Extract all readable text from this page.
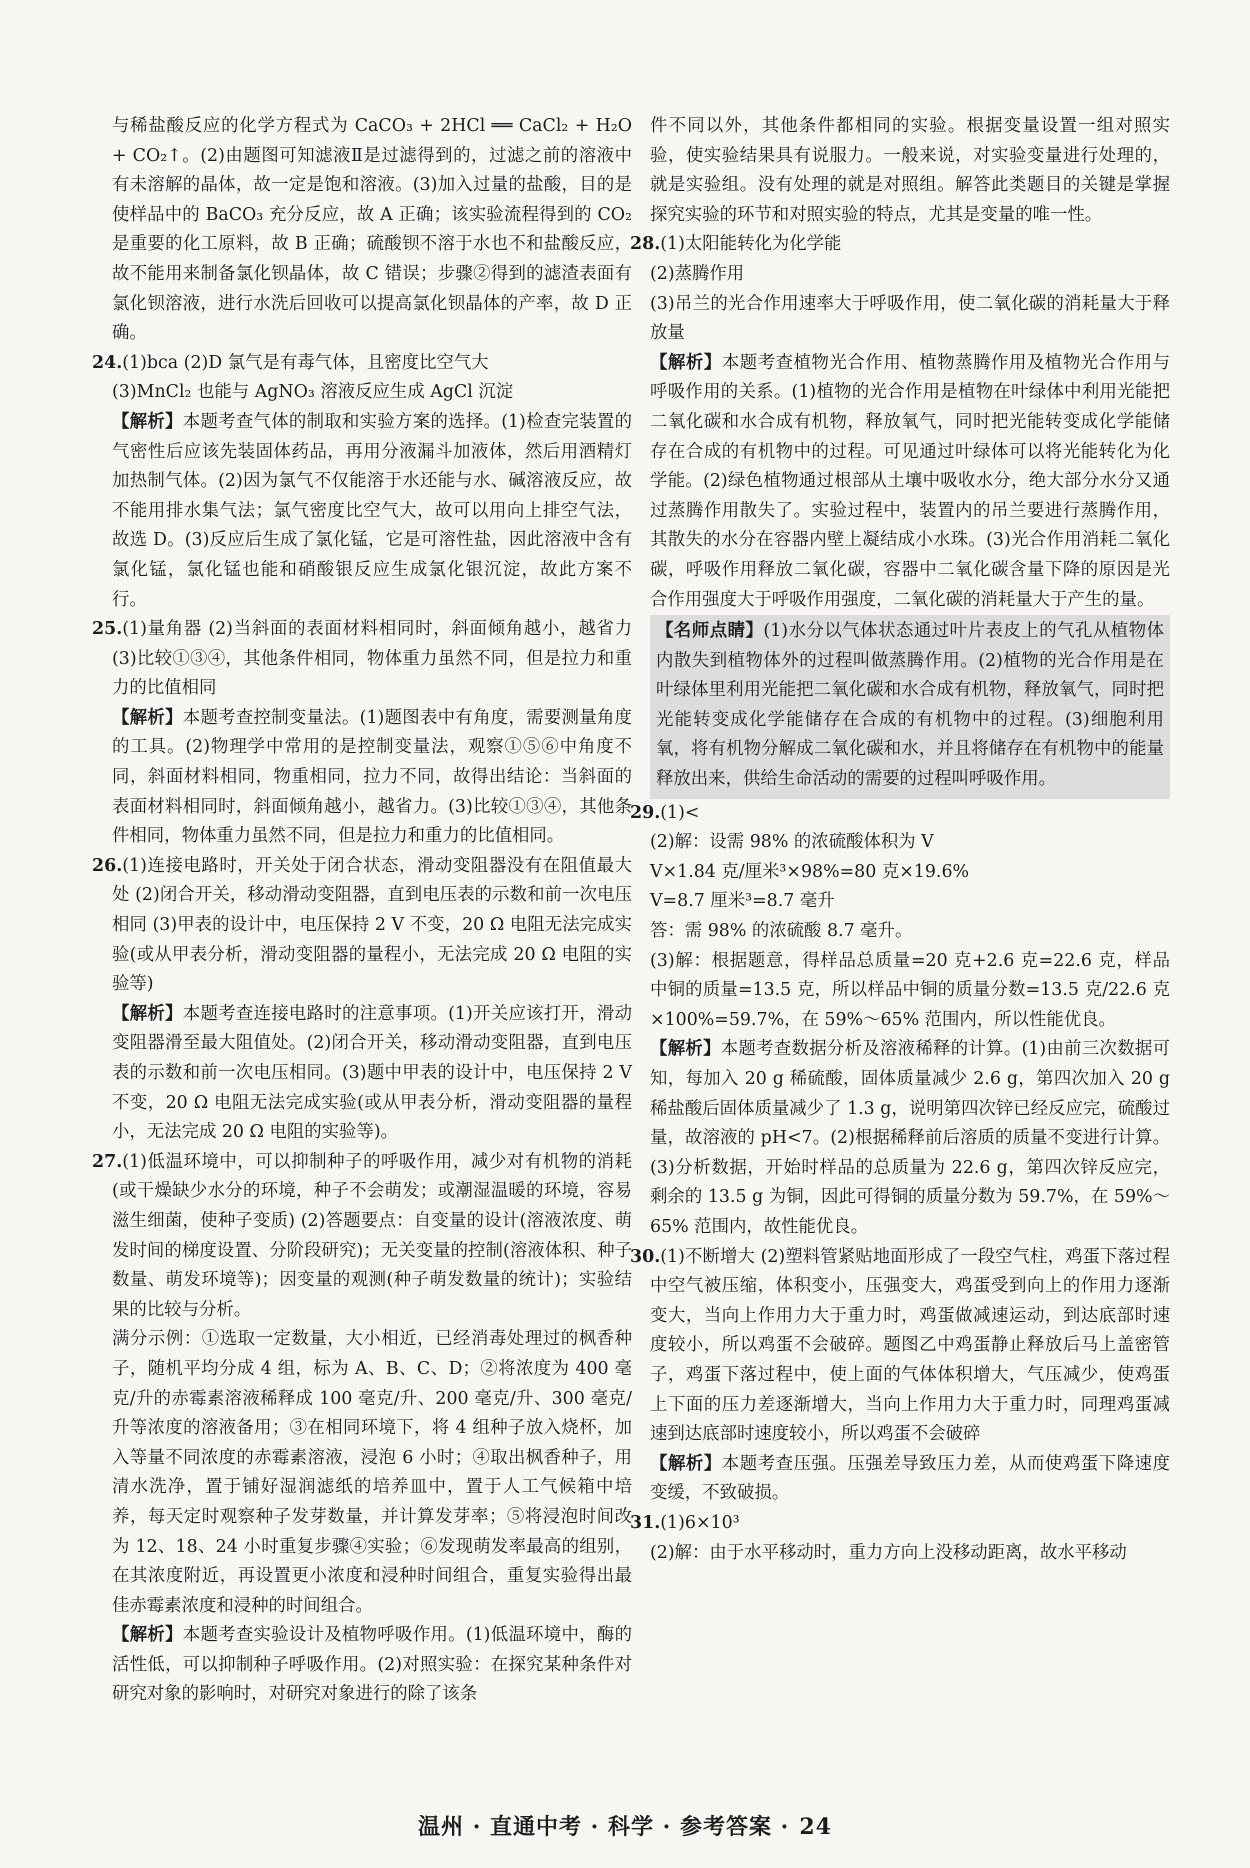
与稀盐酸反应的化学方程式为 CaCO₃ + 2HCl ══ CaCl₂ + H₂O + CO₂↑。(2)由题图可知滤液Ⅱ是过滤得到的，过滤之前的溶液中有未溶解的晶体，故一定是饱和溶液。(3)加入过量的盐酸，目的是使样品中的 BaCO₃ 充分反应，故 A 正确；该实验流程得到的 CO₂ 是重要的化工原料，故 B 正确；硫酸钡不溶于水也不和盐酸反应，故不能用来制备氯化钡晶体，故 C 错误；步骤②得到的滤渣表面有氯化钡溶液，进行水洗后回收可以提高氯化钡晶体的产率，故 D 正确。

24.(1)bca (2)D 氯气是有毒气体，且密度比空气大

(3)MnCl₂ 也能与 AgNO₃ 溶液反应生成 AgCl 沉淀

【解析】本题考查气体的制取和实验方案的选择。(1)检查完装置的气密性后应该先装固体药品，再用分液漏斗加液体，然后用酒精灯加热制气体。(2)因为氯气不仅能溶于水还能与水、碱溶液反应，故不能用排水集气法；氯气密度比空气大，故可以用向上排空气法，故选 D。(3)反应后生成了氯化锰，它是可溶性盐，因此溶液中含有氯化锰，氯化锰也能和硝酸银反应生成氯化银沉淀，故此方案不行。

25.(1)量角器 (2)当斜面的表面材料相同时，斜面倾角越小，越省力 (3)比较①③④，其他条件相同，物体重力虽然不同，但是拉力和重力的比值相同

【解析】本题考查控制变量法。(1)题图表中有角度，需要测量角度的工具。(2)物理学中常用的是控制变量法，观察①⑤⑥中角度不同，斜面材料相同，物重相同，拉力不同，故得出结论：当斜面的表面材料相同时，斜面倾角越小，越省力。(3)比较①③④，其他条件相同，物体重力虽然不同，但是拉力和重力的比值相同。

26.(1)连接电路时，开关处于闭合状态，滑动变阻器没有在阻值最大处 (2)闭合开关，移动滑动变阻器，直到电压表的示数和前一次电压相同 (3)甲表的设计中，电压保持 2 V 不变，20 Ω 电阻无法完成实验(或从甲表分析，滑动变阻器的量程小，无法完成 20 Ω 电阻的实验等)

【解析】本题考查连接电路时的注意事项。(1)开关应该打开，滑动变阻器滑至最大阻值处。(2)闭合开关，移动滑动变阻器，直到电压表的示数和前一次电压相同。(3)题中甲表的设计中，电压保持 2 V 不变，20 Ω 电阻无法完成实验(或从甲表分析，滑动变阻器的量程小，无法完成 20 Ω 电阻的实验等)。

27.(1)低温环境中，可以抑制种子的呼吸作用，减少对有机物的消耗(或干燥缺少水分的环境，种子不会萌发；或潮湿温暖的环境，容易滋生细菌，使种子变质) (2)答题要点：自变量的设计(溶液浓度、萌发时间的梯度设置、分阶段研究)；无关变量的控制(溶液体积、种子数量、萌发环境等)；因变量的观测(种子萌发数量的统计)；实验结果的比较与分析。

满分示例：①选取一定数量，大小相近，已经消毒处理过的枫香种子，随机平均分成 4 组，标为 A、B、C、D；②将浓度为 400 毫克/升的赤霉素溶液稀释成 100 毫克/升、200 毫克/升、300 毫克/升等浓度的溶液备用；③在相同环境下，将 4 组种子放入烧杯，加入等量不同浓度的赤霉素溶液，浸泡 6 小时；④取出枫香种子，用清水洗净，置于铺好湿润滤纸的培养皿中，置于人工气候箱中培养，每天定时观察种子发芽数量，并计算发芽率；⑤将浸泡时间改为 12、18、24 小时重复步骤④实验；⑥发现萌发率最高的组别，在其浓度附近，再设置更小浓度和浸种时间组合，重复实验得出最佳赤霉素浓度和浸种的时间组合。

【解析】本题考查实验设计及植物呼吸作用。(1)低温环境中，酶的活性低，可以抑制种子呼吸作用。(2)对照实验：在探究某种条件对研究对象的影响时，对研究对象进行的除了该条

件不同以外，其他条件都相同的实验。根据变量设置一组对照实验，使实验结果具有说服力。一般来说，对实验变量进行处理的，就是实验组。没有处理的就是对照组。解答此类题目的关键是掌握探究实验的环节和对照实验的特点，尤其是变量的唯一性。

28.(1)太阳能转化为化学能

(2)蒸腾作用

(3)吊兰的光合作用速率大于呼吸作用，使二氧化碳的消耗量大于释放量

【解析】本题考查植物光合作用、植物蒸腾作用及植物光合作用与呼吸作用的关系。(1)植物的光合作用是植物在叶绿体中利用光能把二氧化碳和水合成有机物，释放氧气，同时把光能转变成化学能储存在合成的有机物中的过程。可见通过叶绿体可以将光能转化为化学能。(2)绿色植物通过根部从土壤中吸收水分，绝大部分水分又通过蒸腾作用散失了。实验过程中，装置内的吊兰要进行蒸腾作用，其散失的水分在容器内壁上凝结成小水珠。(3)光合作用消耗二氧化碳，呼吸作用释放二氧化碳，容器中二氧化碳含量下降的原因是光合作用强度大于呼吸作用强度，二氧化碳的消耗量大于产生的量。

【名师点睛】(1)水分以气体状态通过叶片表皮上的气孔从植物体内散失到植物体外的过程叫做蒸腾作用。(2)植物的光合作用是在叶绿体里利用光能把二氧化碳和水合成有机物，释放氧气，同时把光能转变成化学能储存在合成的有机物中的过程。(3)细胞利用氧，将有机物分解成二氧化碳和水，并且将储存在有机物中的能量释放出来，供给生命活动的需要的过程叫呼吸作用。

29.(1)<

(2)解：设需 98% 的浓硫酸体积为 V

V×1.84 克/厘米³×98%=80 克×19.6%

V=8.7 厘米³=8.7 毫升

答：需 98% 的浓硫酸 8.7 毫升。

(3)解：根据题意，得样品总质量=20 克+2.6 克=22.6 克，样品中铜的质量=13.5 克，所以样品中铜的质量分数=13.5 克/22.6 克×100%=59.7%，在 59%～65% 范围内，所以性能优良。

【解析】本题考查数据分析及溶液稀释的计算。(1)由前三次数据可知，每加入 20 g 稀硫酸，固体质量减少 2.6 g，第四次加入 20 g 稀盐酸后固体质量减少了 1.3 g，说明第四次锌已经反应完，硫酸过量，故溶液的 pH<7。(2)根据稀释前后溶质的质量不变进行计算。(3)分析数据，开始时样品的总质量为 22.6 g，第四次锌反应完，剩余的 13.5 g 为铜，因此可得铜的质量分数为 59.7%，在 59%～65% 范围内，故性能优良。

30.(1)不断增大 (2)塑料管紧贴地面形成了一段空气柱，鸡蛋下落过程中空气被压缩，体积变小，压强变大，鸡蛋受到向上的作用力逐渐变大，当向上作用力大于重力时，鸡蛋做减速运动，到达底部时速度较小，所以鸡蛋不会破碎。题图乙中鸡蛋静止释放后马上盖密管子，鸡蛋下落过程中，使上面的气体体积增大，气压减少，使鸡蛋上下面的压力差逐渐增大，当向上作用力大于重力时，同理鸡蛋减速到达底部时速度较小，所以鸡蛋不会破碎

【解析】本题考查压强。压强差导致压力差，从而使鸡蛋下降速度变缓，不致破损。

31.(1)6×10³

(2)解：由于水平移动时，重力方向上没移动距离，故水平移动

温州 · 直通中考 · 科学 · 参考答案 · 24
